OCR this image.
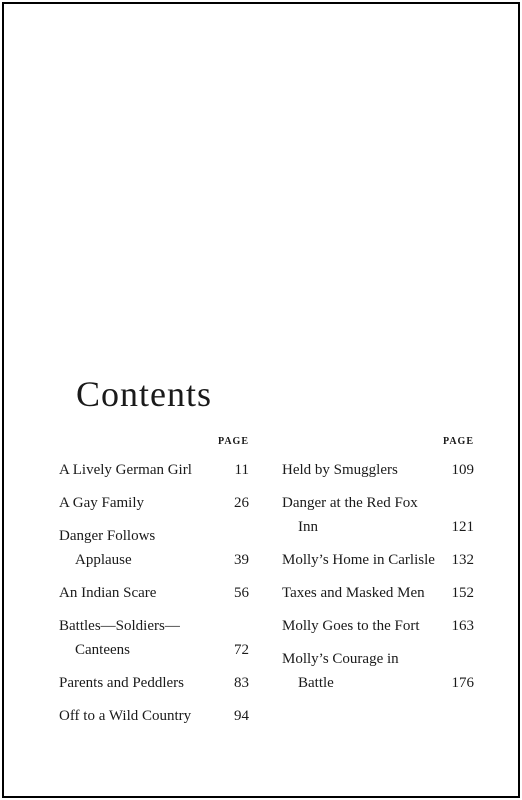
Contents
PAGE
A Lively German Girl	11
A Gay Family	26
Danger Follows
Applause	39
An Indian Scare	56
Battles—Soldiers—
Canteens	72
Parents and Peddlers	83
Off to a Wild Country	94
PAGE
Held by Smugglers	109
Danger at the Red Fox
Inn	121
Molly’s Home in Carlisle	132
Taxes and Masked Men	152
Molly Goes to the Fort	163
Molly’s Courage in
Battle	176
